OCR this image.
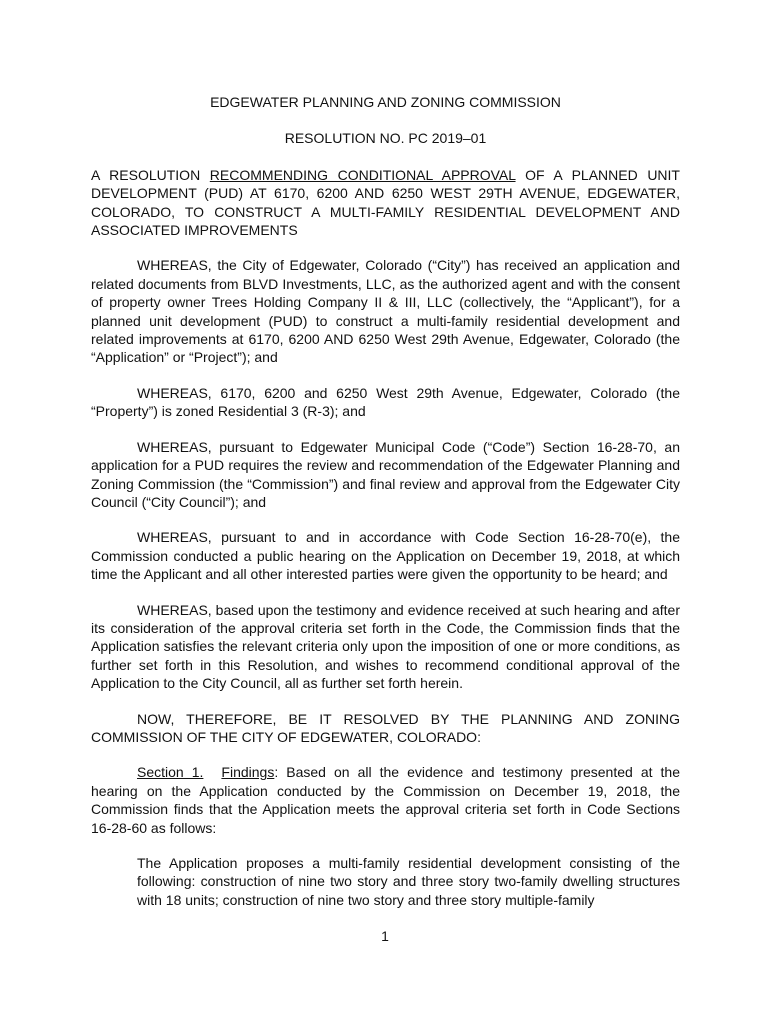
EDGEWATER PLANNING AND ZONING COMMISSION

RESOLUTION NO. PC 2019–01

A RESOLUTION RECOMMENDING CONDITIONAL APPROVAL OF A PLANNED UNIT DEVELOPMENT (PUD) AT 6170, 6200 AND 6250 WEST 29TH AVENUE, EDGEWATER, COLORADO, TO CONSTRUCT A MULTI-FAMILY RESIDENTIAL DEVELOPMENT AND ASSOCIATED IMPROVEMENTS

WHEREAS, the City of Edgewater, Colorado (“City”) has received an application and related documents from BLVD Investments, LLC, as the authorized agent and with the consent of property owner Trees Holding Company II & III, LLC (collectively, the “Applicant”), for a planned unit development (PUD) to construct a multi-family residential development and related improvements at 6170, 6200 AND 6250 West 29th Avenue, Edgewater, Colorado (the “Application” or “Project”); and

WHEREAS, 6170, 6200 and 6250 West 29th Avenue, Edgewater, Colorado (the “Property”) is zoned Residential 3 (R-3); and

WHEREAS, pursuant to Edgewater Municipal Code (“Code”) Section 16-28-70, an application for a PUD requires the review and recommendation of the Edgewater Planning and Zoning Commission (the “Commission”) and final review and approval from the Edgewater City Council (“City Council”); and

WHEREAS, pursuant to and in accordance with Code Section 16-28-70(e), the Commission conducted a public hearing on the Application on December 19, 2018, at which time the Applicant and all other interested parties were given the opportunity to be heard; and

WHEREAS, based upon the testimony and evidence received at such hearing and after its consideration of the approval criteria set forth in the Code, the Commission finds that the Application satisfies the relevant criteria only upon the imposition of one or more conditions, as further set forth in this Resolution, and wishes to recommend conditional approval of the Application to the City Council, all as further set forth herein.

NOW, THEREFORE, BE IT RESOLVED BY THE PLANNING AND ZONING COMMISSION OF THE CITY OF EDGEWATER, COLORADO:

Section 1. Findings: Based on all the evidence and testimony presented at the hearing on the Application conducted by the Commission on December 19, 2018, the Commission finds that the Application meets the approval criteria set forth in Code Sections 16-28-60 as follows:

The Application proposes a multi-family residential development consisting of the following: construction of nine two story and three story two-family dwelling structures with 18 units; construction of nine two story and three story multiple-family

1
